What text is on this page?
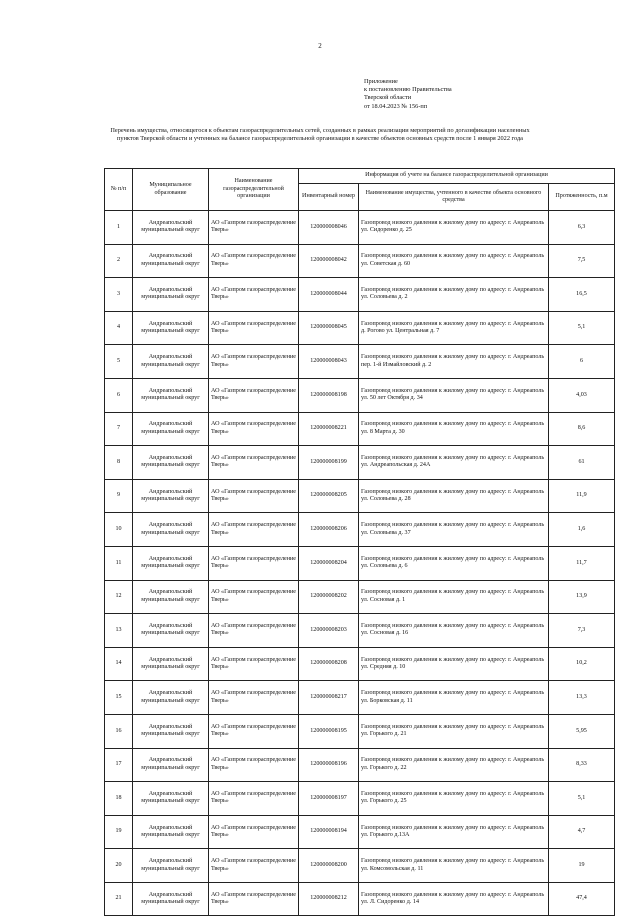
2
Приложение
к постановлению Правительства
Тверской области
от 18.04.2023 № 156-пп
Перечень имущества, относящегося к объектам газораспределительных сетей, созданных в рамках реализации мероприятий по догазификации населенных пунктов Тверской области и учтенных на балансе газораспределительной организации в качестве объектов основных средств после 1 января 2022 года
№ п/п	Муниципальное образование	Наименование газораспределительной организации	Информация об учете на балансе газораспределительной организации		
			Инвентарный номер	Наименование имущества, учтенного в качестве объекта основного средства	Протяженность, п.м
1	Андреапольский муниципальный округ	АО «Газпром газораспределение Тверь»	120000008046	Газопровод низкого давления к жилому дому по адресу: г. Андреаполь ул. Сидоренко д. 25	6,3
2	Андреапольский муниципальный округ	АО «Газпром газораспределение Тверь»	120000008042	Газопровод низкого давления к жилому дому по адресу: г. Андреаполь ул. Советская д. 60	7,5
3	Андреапольский муниципальный округ	АО «Газпром газораспределение Тверь»	120000008044	Газопровод низкого давления к жилому дому по адресу: г. Андреаполь ул. Соловьева д. 2	16,5
4	Андреапольский муниципальный округ	АО «Газпром газораспределение Тверь»	120000008045	Газопровод низкого давления к жилому дому по адресу: г. Андреаполь д. Рогово ул. Центральная д. 7	5,1
5	Андреапольский муниципальный округ	АО «Газпром газораспределение Тверь»	120000008043	Газопровод низкого давления к жилому дому по адресу: г. Андреаполь пер. 1-й Измайловский д. 2	6
6	Андреапольский муниципальный округ	АО «Газпром газораспределение Тверь»	120000008198	Газопровод низкого давления к жилому дому по адресу: г. Андреаполь ул. 50 лет Октября д. 34	4,03
7	Андреапольский муниципальный округ	АО «Газпром газораспределение Тверь»	120000008221	Газопровод низкого давления к жилому дому по адресу: г. Андреаполь ул. 8 Марта д. 30	8,6
8	Андреапольский муниципальный округ	АО «Газпром газораспределение Тверь»	120000008199	Газопровод низкого давления к жилому дому по адресу: г. Андреаполь ул. Андреапольская д. 24А	61
9	Андреапольский муниципальный округ	АО «Газпром газораспределение Тверь»	120000008205	Газопровод низкого давления к жилому дому по адресу: г. Андреаполь ул. Соловьева д. 28	11,9
10	Андреапольский муниципальный округ	АО «Газпром газораспределение Тверь»	120000008206	Газопровод низкого давления к жилому дому по адресу: г. Андреаполь ул. Соловьева д. 37	1,6
11	Андреапольский муниципальный округ	АО «Газпром газораспределение Тверь»	120000008204	Газопровод низкого давления к жилому дому по адресу: г. Андреаполь ул. Соловьева д. 6	11,7
12	Андреапольский муниципальный округ	АО «Газпром газораспределение Тверь»	120000008202	Газопровод низкого давления к жилому дому по адресу: г. Андреаполь ул. Сосновая д. 1	13,9
13	Андреапольский муниципальный округ	АО «Газпром газораспределение Тверь»	120000008203	Газопровод низкого давления к жилому дому по адресу: г. Андреаполь ул. Сосновая д. 16	7,3
14	Андреапольский муниципальный округ	АО «Газпром газораспределение Тверь»	120000008208	Газопровод низкого давления к жилому дому по адресу: г. Андреаполь ул. Средняя д. 10	10,2
15	Андреапольский муниципальный округ	АО «Газпром газораспределение Тверь»	120000008217	Газопровод низкого давления к жилому дому по адресу: г. Андреаполь ул. Борковская д. 11	13,3
16	Андреапольский муниципальный округ	АО «Газпром газораспределение Тверь»	120000008195	Газопровод низкого давления к жилому дому по адресу: г. Андреаполь ул. Горького д. 21	5,95
17	Андреапольский муниципальный округ	АО «Газпром газораспределение Тверь»	120000008196	Газопровод низкого давления к жилому дому по адресу: г. Андреаполь ул. Горького д. 22	8,33
18	Андреапольский муниципальный округ	АО «Газпром газораспределение Тверь»	120000008197	Газопровод низкого давления к жилому дому по адресу: г. Андреаполь ул. Горького д. 25	5,1
19	Андреапольский муниципальный округ	АО «Газпром газораспределение Тверь»	120000008194	Газопровод низкого давления к жилому дому по адресу: г. Андреаполь ул. Горького д.13А	4,7
20	Андреапольский муниципальный округ	АО «Газпром газораспределение Тверь»	120000008200	Газопровод низкого давления к жилому дому по адресу: г. Андреаполь ул. Комсомольская д. 11	19
21	Андреапольский муниципальный округ	АО «Газпром газораспределение Тверь»	120000008212	Газопровод низкого давления к жилому дому по адресу: г. Андреаполь ул. Л. Сидоренко д. 14	47,4
